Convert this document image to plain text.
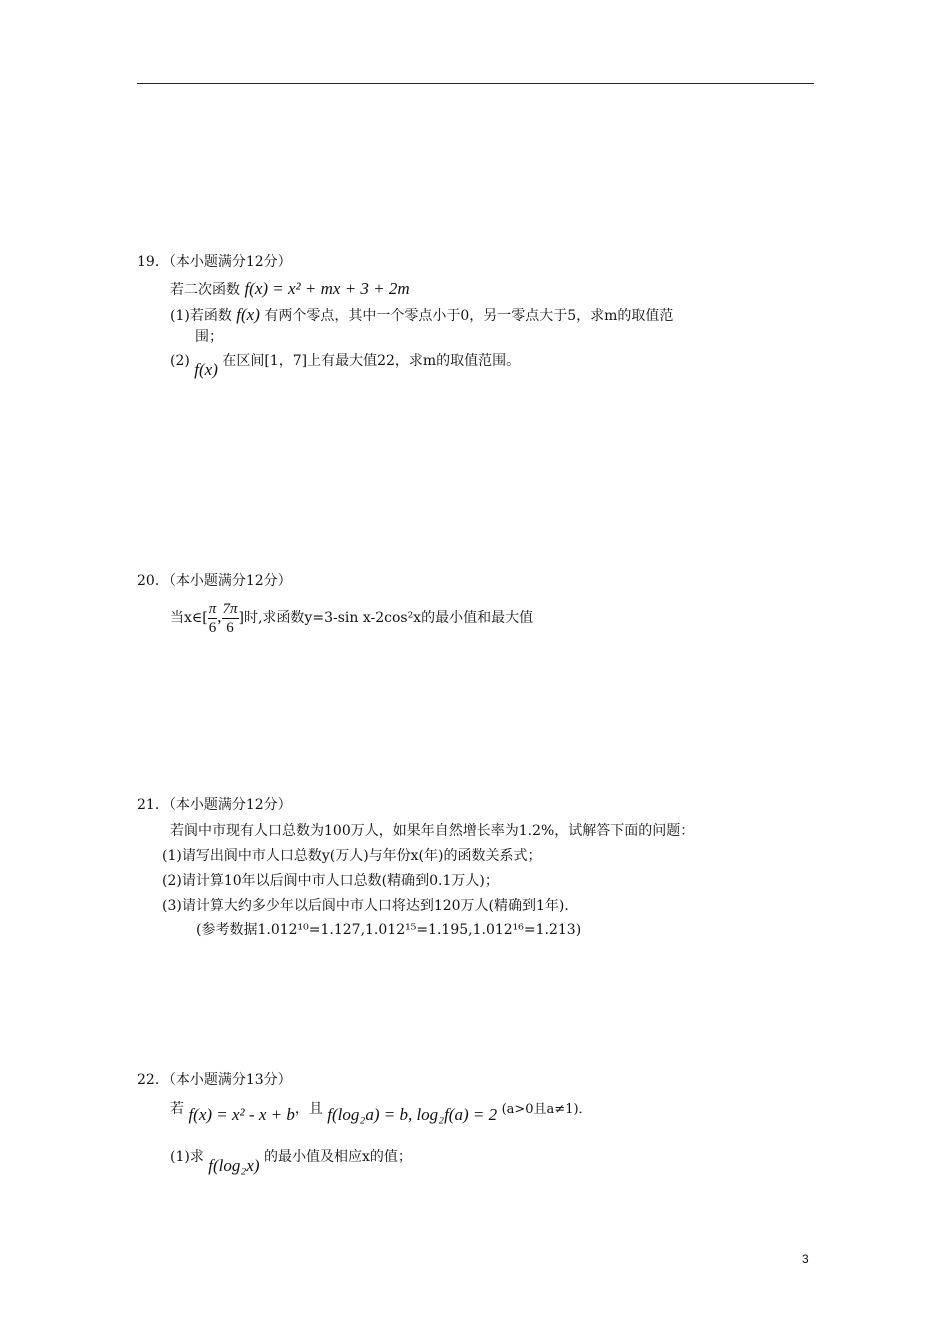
19．（本小题满分12分）
若二次函数 f(x) = x² + mx + 3 + 2m
(1)若函数 f(x) 有两个零点，其中一个零点小于0，另一零点大于5，求m的取值范
围；
(2) f(x) 在区间[1，7]上有最大值22，求m的取值范围。
20．（本小题满分12分）
当x∈[ $\frac{\pi}{6}$ , $\frac{7\pi}{6}$ ]时,求函数y=3-sin x-2cos²x的最小值和最大值
21．（本小题满分12分）
若阆中市现有人口总数为100万人，如果年自然增长率为1.2%，试解答下面的问题：
(1)请写出阆中市人口总数y(万人)与年份x(年)的函数关系式；
(2)请计算10年以后阆中市人口总数(精确到0.1万人)；
(3)请计算大约多少年以后阆中市人口将达到120万人(精确到1年)．
(参考数据1.012¹⁰=1.127,1.012¹⁵=1.195,1.012¹⁶=1.213)
22．（本小题满分13分）
若 f(x) = x² - x + b，且 f(log₂a) = b, log₂f(a) = 2 (a>0且a≠1)．
(1)求 f(log₂x) 的最小值及相应x的值；
3
